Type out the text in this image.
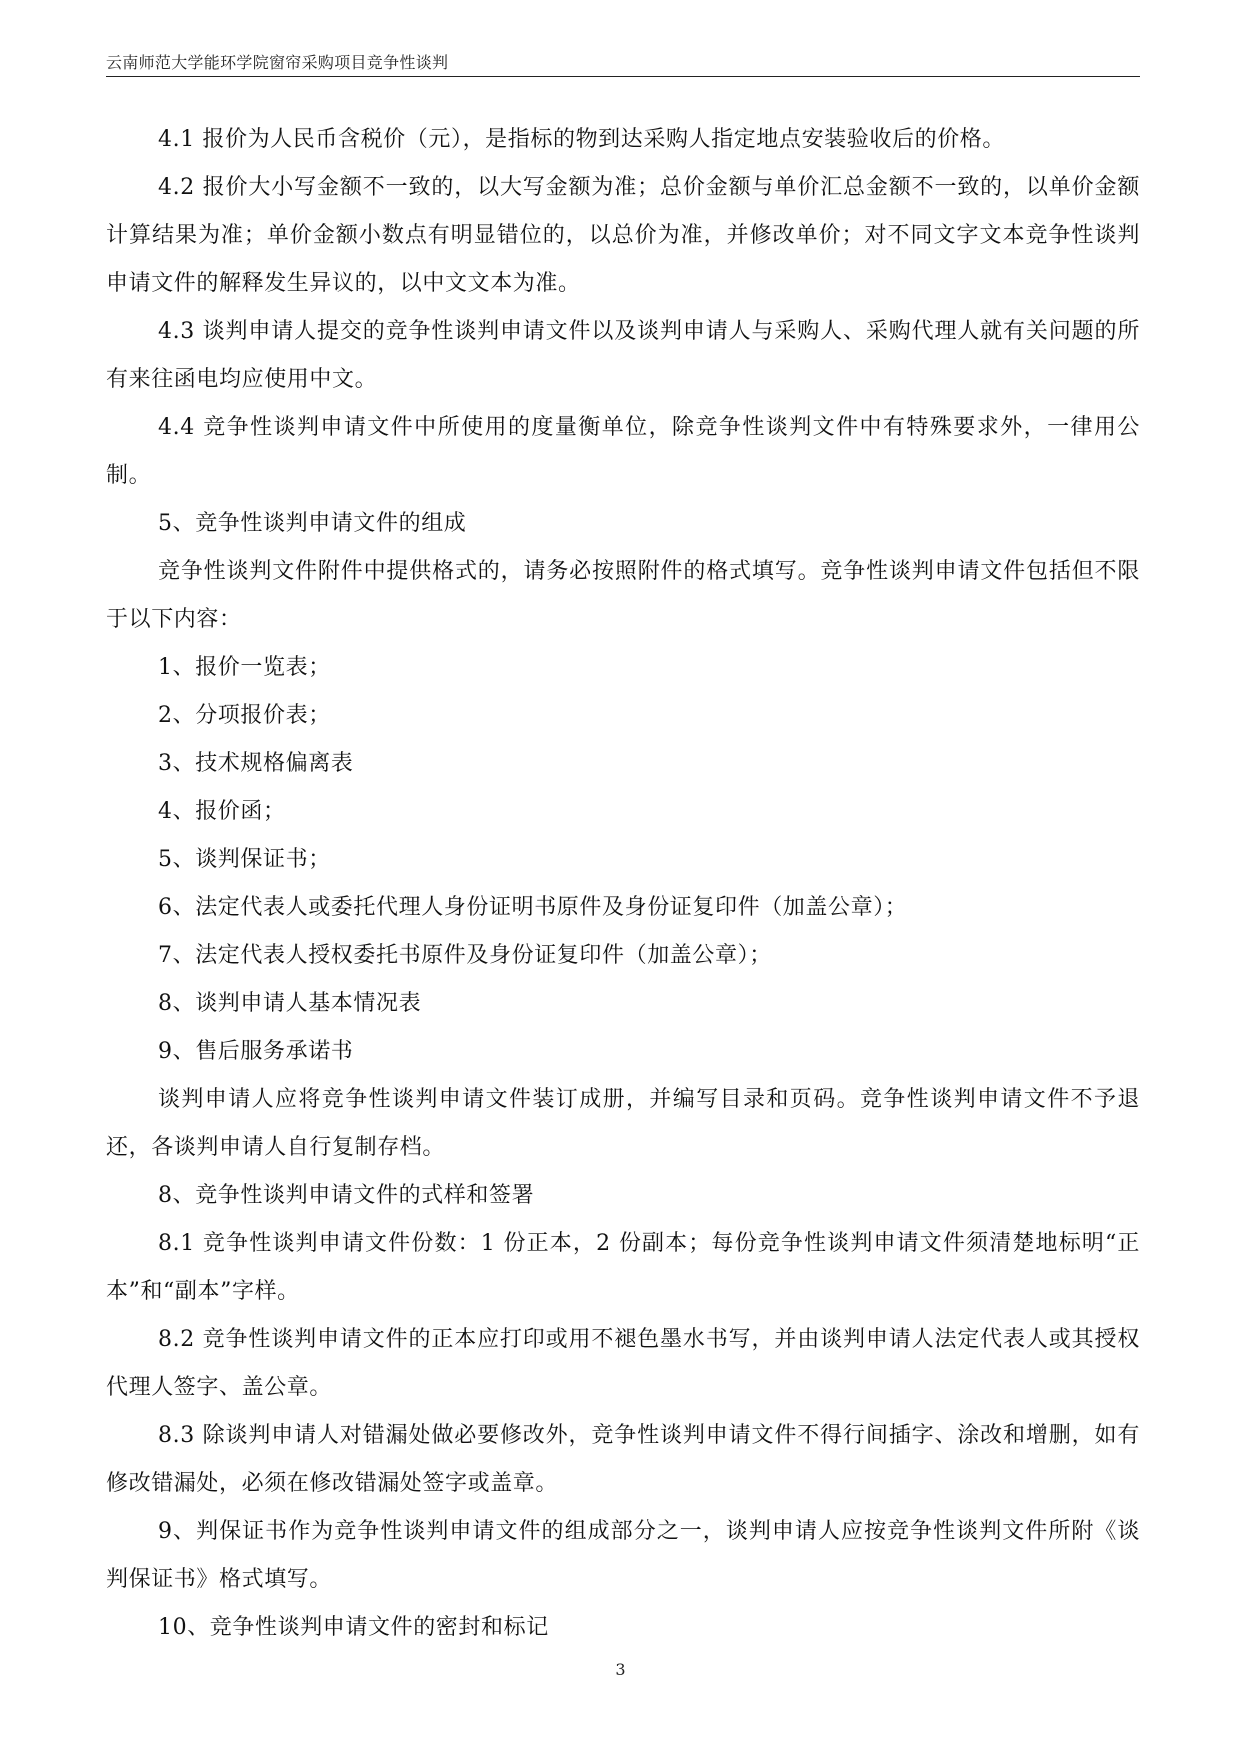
云南师范大学能环学院窗帘采购项目竞争性谈判

4.1 报价为人民币含税价（元），是指标的物到达采购人指定地点安装验收后的价格。

4.2 报价大小写金额不一致的，以大写金额为准；总价金额与单价汇总金额不一致的，以单价金额计算结果为准；单价金额小数点有明显错位的，以总价为准，并修改单价；对不同文字文本竞争性谈判申请文件的解释发生异议的，以中文文本为准。

4.3 谈判申请人提交的竞争性谈判申请文件以及谈判申请人与采购人、采购代理人就有关问题的所有来往函电均应使用中文。

4.4 竞争性谈判申请文件中所使用的度量衡单位，除竞争性谈判文件中有特殊要求外，一律用公制。

5、竞争性谈判申请文件的组成

竞争性谈判文件附件中提供格式的，请务必按照附件的格式填写。竞争性谈判申请文件包括但不限于以下内容：

1、报价一览表；

2、分项报价表；

3、技术规格偏离表

4、报价函；

5、谈判保证书；

6、法定代表人或委托代理人身份证明书原件及身份证复印件（加盖公章）；

7、法定代表人授权委托书原件及身份证复印件（加盖公章）；

8、谈判申请人基本情况表

9、售后服务承诺书

谈判申请人应将竞争性谈判申请文件装订成册，并编写目录和页码。竞争性谈判申请文件不予退还，各谈判申请人自行复制存档。

8、竞争性谈判申请文件的式样和签署

8.1 竞争性谈判申请文件份数：1 份正本，2 份副本；每份竞争性谈判申请文件须清楚地标明“正本”和“副本”字样。

8.2 竞争性谈判申请文件的正本应打印或用不褪色墨水书写，并由谈判申请人法定代表人或其授权代理人签字、盖公章。

8.3 除谈判申请人对错漏处做必要修改外，竞争性谈判申请文件不得行间插字、涂改和增删，如有修改错漏处，必须在修改错漏处签字或盖章。

9、判保证书作为竞争性谈判申请文件的组成部分之一，谈判申请人应按竞争性谈判文件所附《谈判保证书》格式填写。

10、竞争性谈判申请文件的密封和标记

3
